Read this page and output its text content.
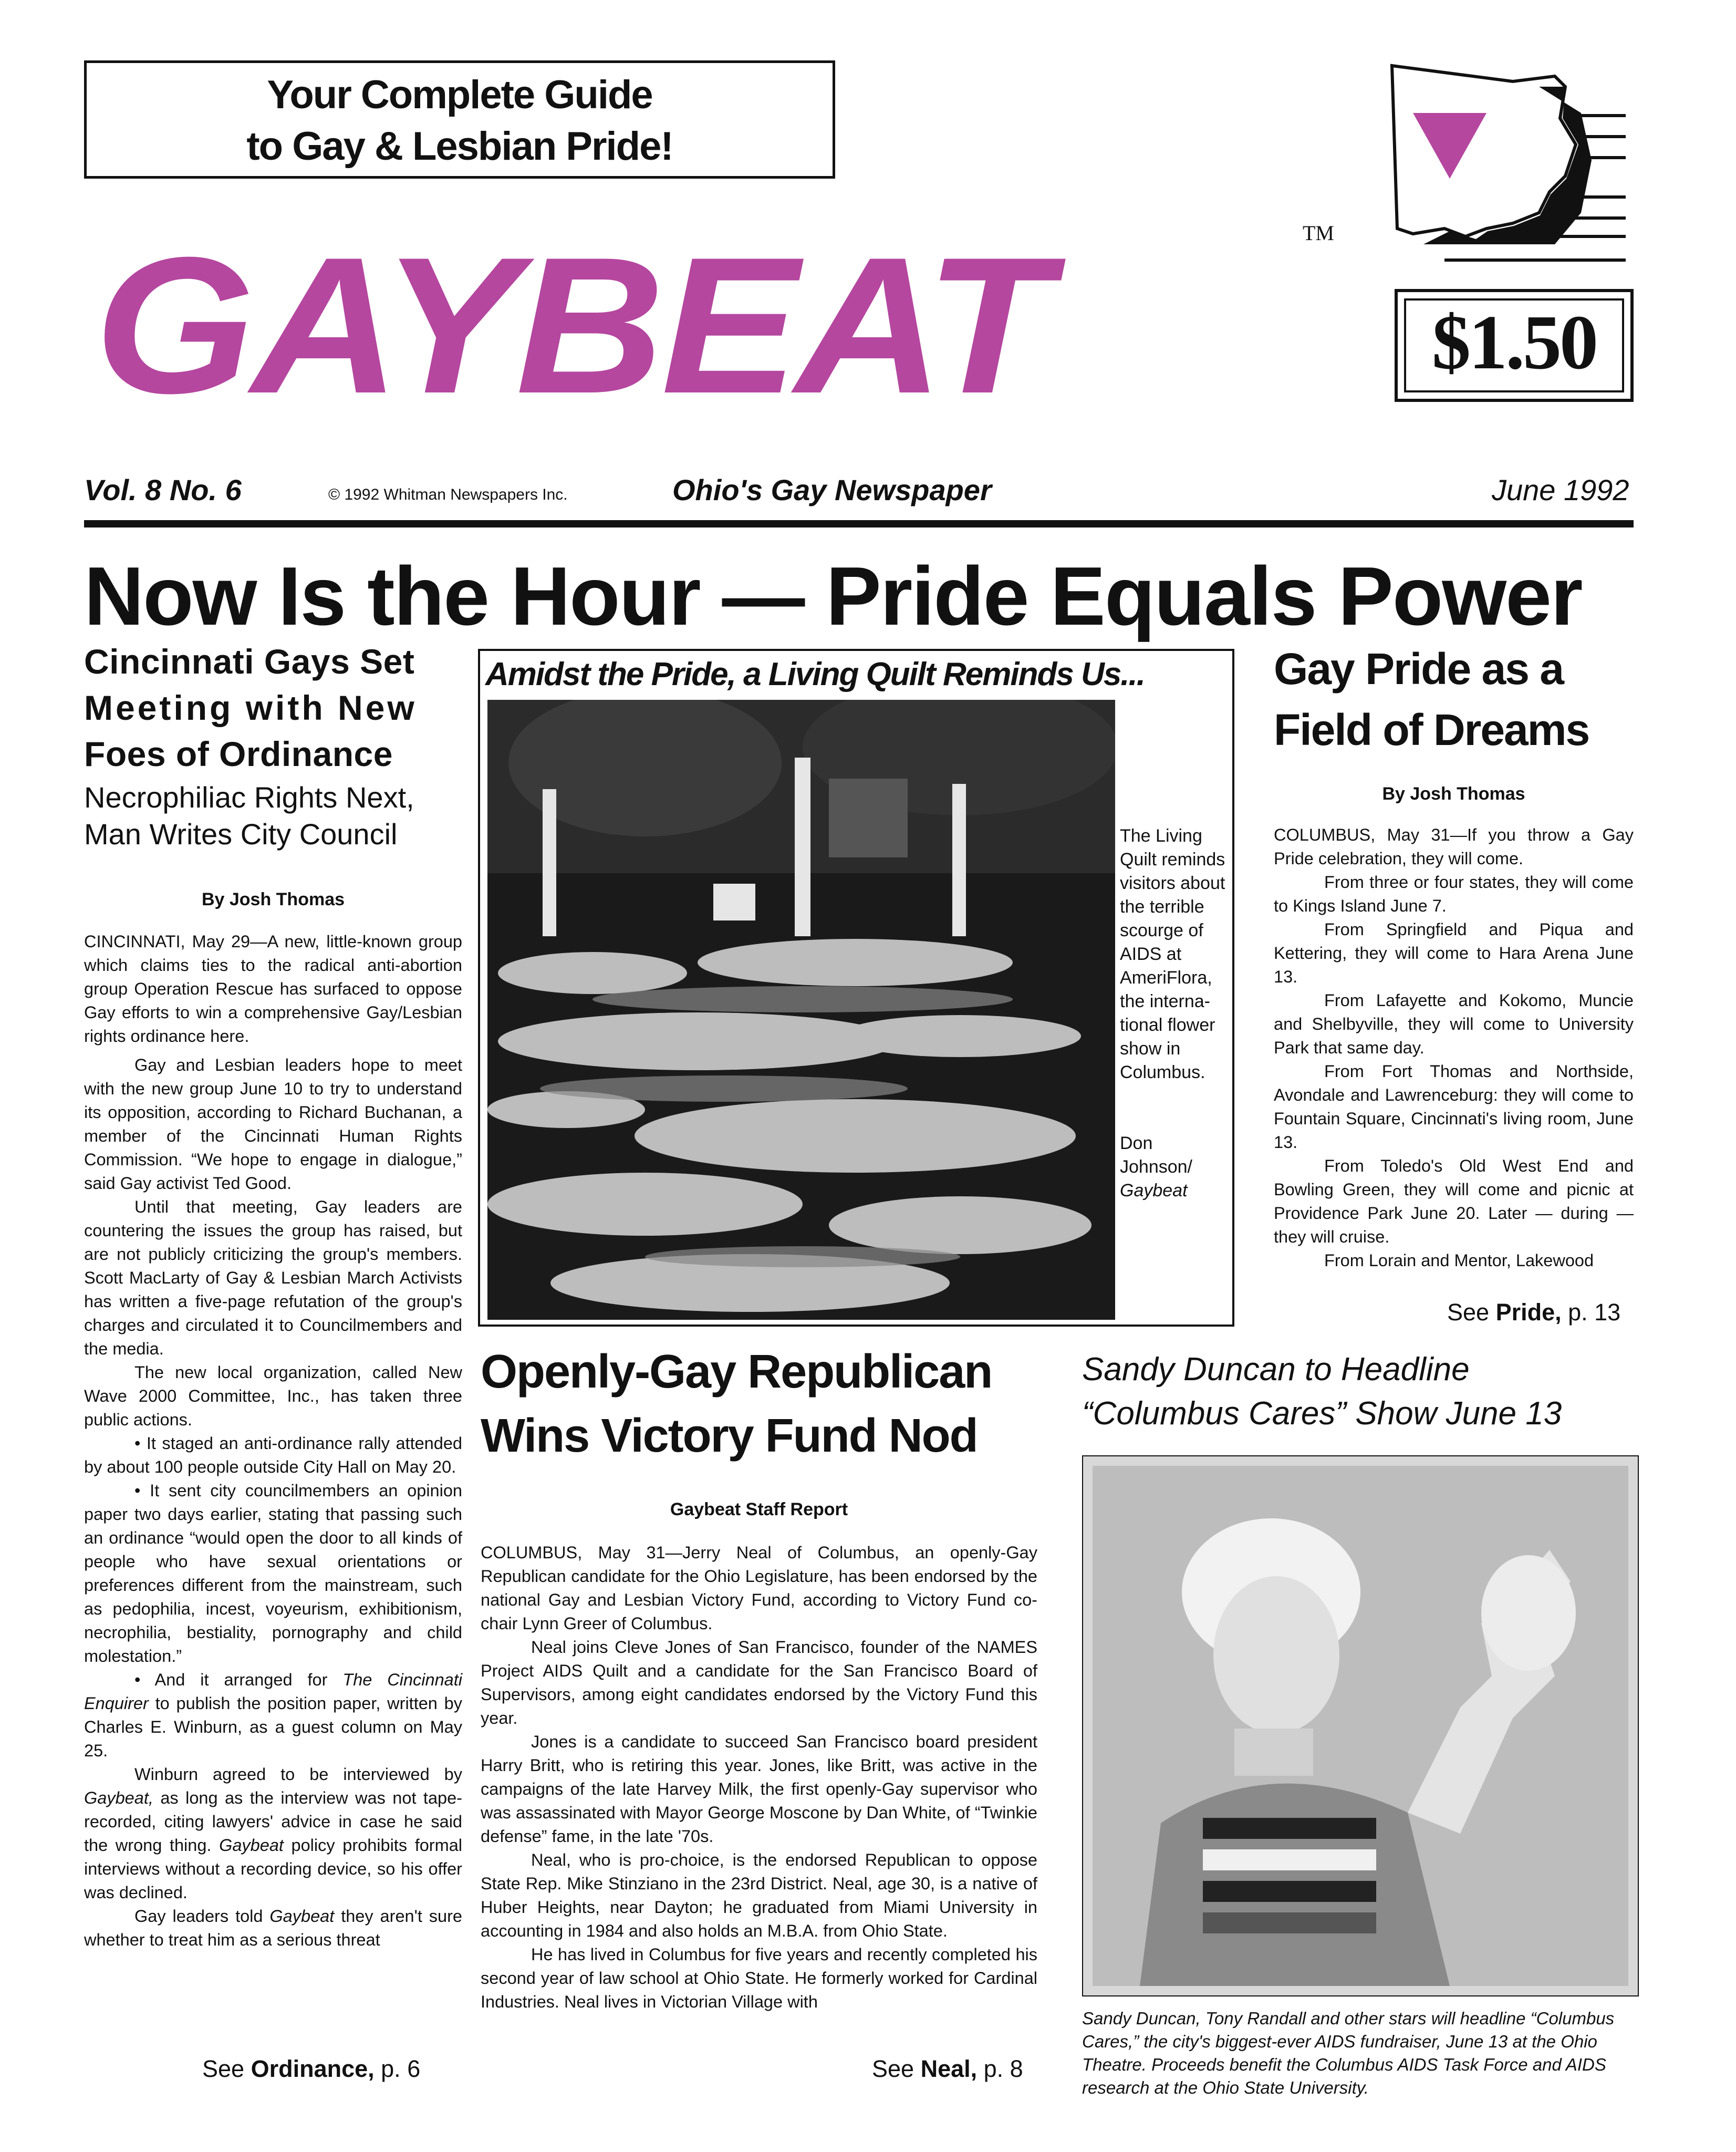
Your Complete Guide
to Gay & Lesbian Pride!
GAYBEAT	TM
$1.50
Vol. 8 No. 6	© 1992 Whitman Newspapers Inc.	Ohio's Gay Newspaper	June 1992
Now Is the Hour — Pride Equals Power
Cincinnati Gays Set
Meeting with New
Foes of Ordinance
Necrophiliac Rights Next,
Man Writes City Council
By Josh Thomas

CINCINNATI, May 29—A new, little-known group which claims ties to the radical anti-abortion group Operation Rescue has surfaced to oppose Gay efforts to win a comprehensive Gay/Lesbian rights ordinance here.

Gay and Lesbian leaders hope to meet with the new group June 10 to try to understand its opposition, according to Richard Buchanan, a member of the Cincinnati Human Rights Commission. “We hope to engage in dialogue,” said Gay activist Ted Good.

Until that meeting, Gay leaders are countering the issues the group has raised, but are not publicly criticizing the group's members. Scott MacLarty of Gay & Lesbian March Activists has written a five-page refutation of the group's charges and circulated it to Councilmembers and the media.

The new local organization, called New Wave 2000 Committee, Inc., has taken three public actions.

• It staged an anti-ordinance rally attended by about 100 people outside City Hall on May 20.

• It sent city councilmembers an opinion paper two days earlier, stating that passing such an ordinance “would open the door to all kinds of people who have sexual orientations or preferences different from the mainstream, such as pedophilia, incest, voyeurism, exhibitionism, necrophilia, bestiality, pornography and child molestation.”

• And it arranged for The Cincinnati Enquirer to publish the position paper, written by Charles E. Winburn, as a guest column on May 25.

Winburn agreed to be interviewed by Gaybeat, as long as the interview was not tape-recorded, citing lawyers' advice in case he said the wrong thing. Gaybeat policy prohibits formal interviews without a recording device, so his offer was declined.

Gay leaders told Gaybeat they aren't sure whether to treat him as a serious threat

See Ordinance, p. 6
Amidst the Pride, a Living Quilt Reminds Us...
The Living
Quilt reminds
visitors about
the terrible
scourge of
AIDS at
AmeriFlora,
the interna-
tional flower
show in
Columbus.
Don
Johnson/
Gaybeat
Gay Pride as a
Field of Dreams
By Josh Thomas

COLUMBUS, May 31—If you throw a Gay Pride celebration, they will come.

From three or four states, they will come to Kings Island June 7.

From Springfield and Piqua and Kettering, they will come to Hara Arena June 13.

From Lafayette and Kokomo, Muncie and Shelbyville, they will come to University Park that same day.

From Fort Thomas and Northside, Avondale and Lawrenceburg: they will come to Fountain Square, Cincinnati's living room, June 13.

From Toledo's Old West End and Bowling Green, they will come and picnic at Providence Park June 20. Later — during — they will cruise.

From Lorain and Mentor, Lakewood

See Pride, p. 13
Openly-Gay Republican
Wins Victory Fund Nod
Gaybeat Staff Report

COLUMBUS, May 31—Jerry Neal of Columbus, an openly-Gay Republican candidate for the Ohio Legislature, has been endorsed by the national Gay and Lesbian Victory Fund, according to Victory Fund co-chair Lynn Greer of Columbus.

Neal joins Cleve Jones of San Francisco, founder of the NAMES Project AIDS Quilt and a candidate for the San Francisco Board of Supervisors, among eight candidates endorsed by the Victory Fund this year.

Jones is a candidate to succeed San Francisco board president Harry Britt, who is retiring this year. Jones, like Britt, was active in the campaigns of the late Harvey Milk, the first openly-Gay supervisor who was assassinated with Mayor George Moscone by Dan White, of “Twinkie defense” fame, in the late '70s.

Neal, who is pro-choice, is the endorsed Republican to oppose State Rep. Mike Stinziano in the 23rd District. Neal, age 30, is a native of Huber Heights, near Dayton; he graduated from Miami University in accounting in 1984 and also holds an M.B.A. from Ohio State.

He has lived in Columbus for five years and recently completed his second year of law school at Ohio State. He formerly worked for Cardinal Industries. Neal lives in Victorian Village with

See Neal, p. 8
Sandy Duncan to Headline
“Columbus Cares” Show June 13
Sandy Duncan, Tony Randall and other stars will headline “Columbus Cares,” the city's biggest-ever AIDS fundraiser, June 13 at the Ohio Theatre. Proceeds benefit the Columbus AIDS Task Force and AIDS research at the Ohio State University.
